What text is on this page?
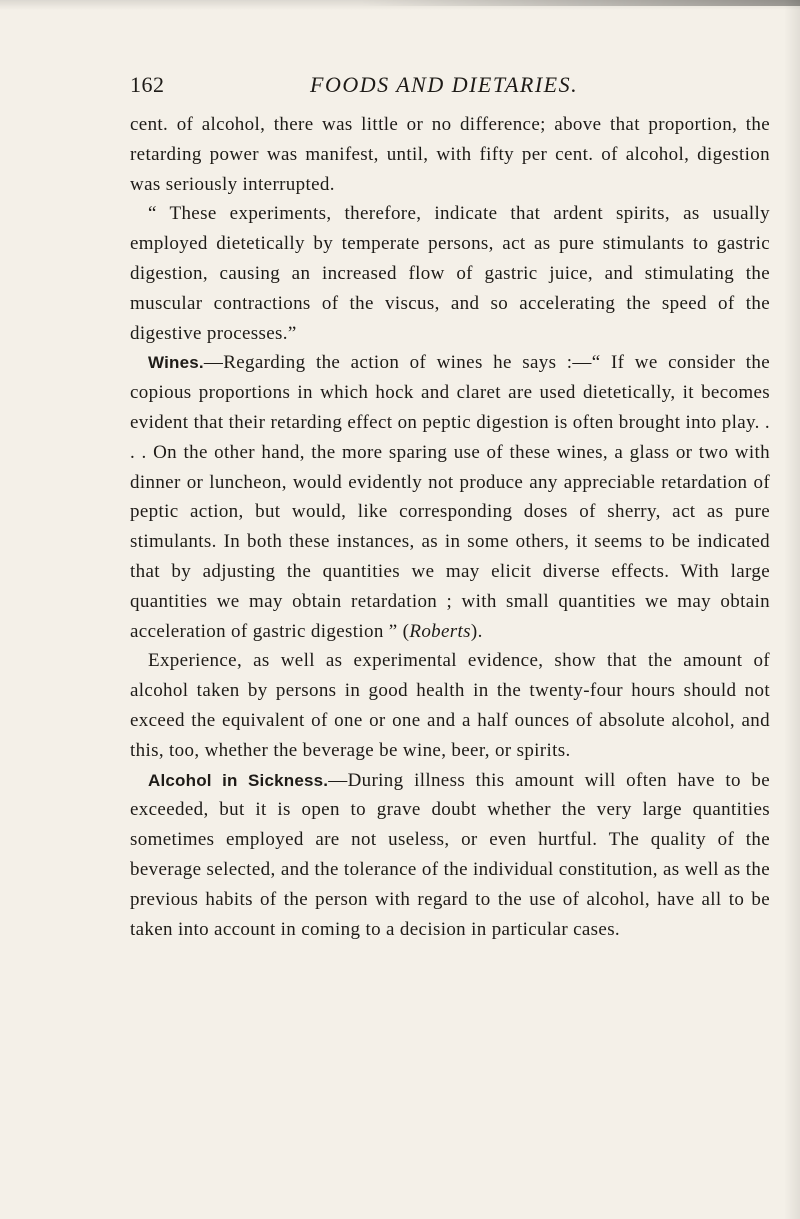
162	FOODS AND DIETARIES.

cent. of alcohol, there was little or no difference; above that proportion, the retarding power was manifest, until, with fifty per cent. of alcohol, digestion was seriously interrupted.

“ These experiments, therefore, indicate that ardent spirits, as usually employed dietetically by temperate persons, act as pure stimulants to gastric digestion, causing an increased flow of gastric juice, and stimulating the muscular contractions of the viscus, and so accelerating the speed of the digestive processes.”

Wines.—Regarding the action of wines he says :—“ If we consider the copious proportions in which hock and claret are used dietetically, it becomes evident that their retarding effect on peptic digestion is often brought into play. . . . On the other hand, the more sparing use of these wines, a glass or two with dinner or luncheon, would evidently not produce any appreciable retardation of peptic action, but would, like corresponding doses of sherry, act as pure stimulants. In both these instances, as in some others, it seems to be indicated that by adjusting the quantities we may elicit diverse effects. With large quantities we may obtain retardation ; with small quantities we may obtain acceleration of gastric digestion ” (Roberts).

Experience, as well as experimental evidence, show that the amount of alcohol taken by persons in good health in the twenty-four hours should not exceed the equivalent of one or one and a half ounces of absolute alcohol, and this, too, whether the beverage be wine, beer, or spirits.

Alcohol in Sickness.—During illness this amount will often have to be exceeded, but it is open to grave doubt whether the very large quantities sometimes employed are not useless, or even hurtful. The quality of the beverage selected, and the tolerance of the individual constitution, as well as the previous habits of the person with regard to the use of alcohol, have all to be taken into account in coming to a decision in particular cases.
